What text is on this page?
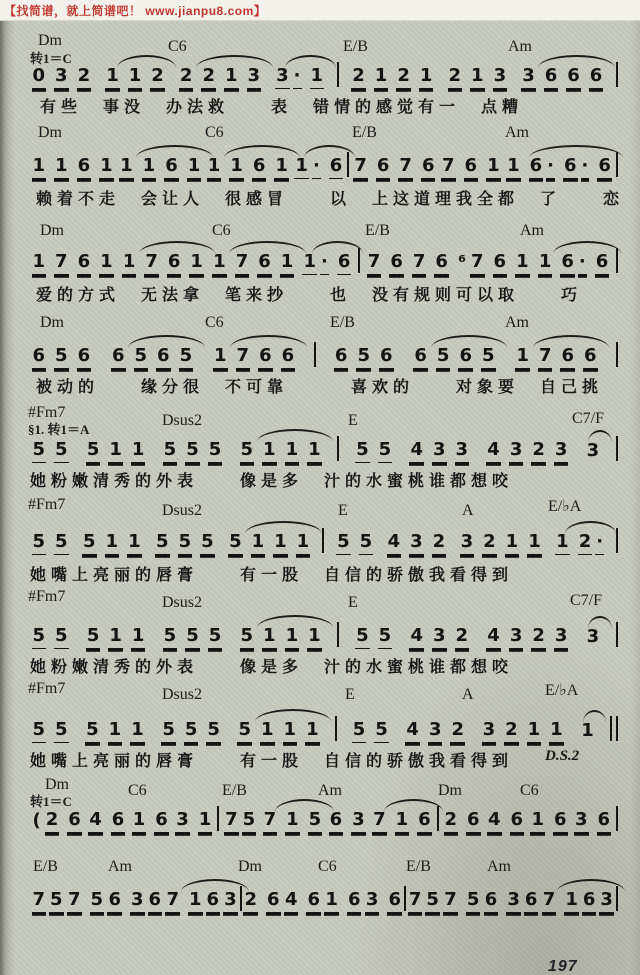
【找简谱，就上简谱吧！ www.jianpu8.com】
Dm	C6	E/B	Am
转1＝C
0 3 2 1 1 2 2 2 1 3 3 · 1 2 1 2 1 2 1 3 3 6 6 6
有些　事没　办法救　　表　错情的感觉有一　点糟
Dm	C6	E/B	Am
1 1 6 1 1 1 6 1 1 1 6 1 1 · 6 7 6 7 6 7 6 1 1 6 · 6 · 6
赖着不走　会让人　很感冒　　以　上这道理我全都　了　　恋
Dm	C6	E/B	Am
1 7 6 1 1 7 6 1 1 7 6 1 1 · 6 7 6 7 6 ⁶ 7 6 1 1 6 · 6
爱的方式　无法拿　笔来抄　　也　没有规则可以取　　巧
Dm	C6	E/B	Am
6 5 6 6 5 6 5 1 7 6 6 6 5 6 6 5 6 5 1 7 6 6
被动的　　缘分很　不可靠　　　喜欢的　　对象要　自己挑
#Fm7	Dsus2	E	C7/F
§1. 转1＝A
5 5 5 1 1 5 5 5 5 1 1 1 5 5 4 3 3 4 3 2 3 3
她粉嫩清秀的外表　　像是多　汁的水蜜桃谁都想咬
#Fm7	Dsus2	E	A	E/♭A
5 5 5 1 1 5 5 5 5 1 1 1 5 5 4 3 2 3 2 1 1 1 2 ·
她嘴上亮丽的唇膏　　有一股　自信的骄傲我看得到
#Fm7	Dsus2	E	C7/F
5 5 5 1 1 5 5 5 5 1 1 1 5 5 4 3 2 4 3 2 3 3
她粉嫩清秀的外表　　像是多　汁的水蜜桃谁都想咬
#Fm7	Dsus2	E	A	E/♭A
5 5 5 1 1 5 5 5 5 1 1 1 5 5 4 3 2 3 2 1 1 1
她嘴上亮丽的唇膏　　有一股　自信的骄傲我看得到 D.S.2
Dm	C6	E/B	Am	Dm	C6
转1＝C
( 2 6 4 6 1 6 3 1 7 5 7 1 5 6 3 7 1 6 2 6 4 6 1 6 3 6
E/B	Am	Dm	C6	E/B	Am
7 5 7 5 6 3 6 7 1 6 3 2 6 4 6 1 6 3 6 7 5 7 5 6 3 6 7 1 6 3
197
